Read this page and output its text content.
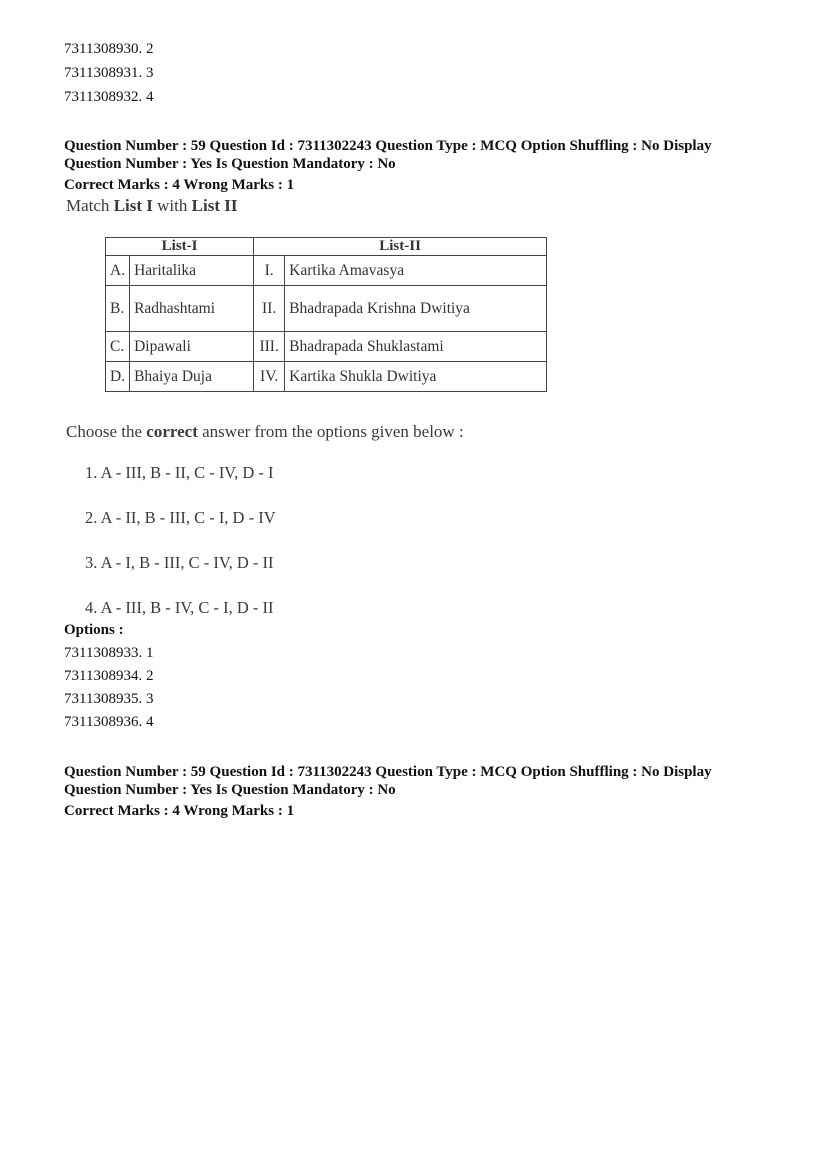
7311308930. 2
7311308931. 3
7311308932. 4
Question Number : 59 Question Id : 7311302243 Question Type : MCQ Option Shuffling : No Display
Question Number : Yes Is Question Mandatory : No
Correct Marks : 4 Wrong Marks : 1
Match List I with List II
List-I		List-II	
A.	Haritalika	I.	Kartika Amavasya
B.	Radhashtami	II.	Bhadrapada Krishna Dwitiya
C.	Dipawali	III.	Bhadrapada Shuklastami
D.	Bhaiya Duja	IV.	Kartika Shukla Dwitiya
Choose the correct answer from the options given below :
1. A - III, B - II, C - IV, D - I
2. A - II, B - III, C - I, D - IV
3. A - I, B - III, C - IV, D - II
4. A - III, B - IV, C - I, D - II
Options :
7311308933. 1
7311308934. 2
7311308935. 3
7311308936. 4
Question Number : 59 Question Id : 7311302243 Question Type : MCQ Option Shuffling : No Display
Question Number : Yes Is Question Mandatory : No
Correct Marks : 4 Wrong Marks : 1
